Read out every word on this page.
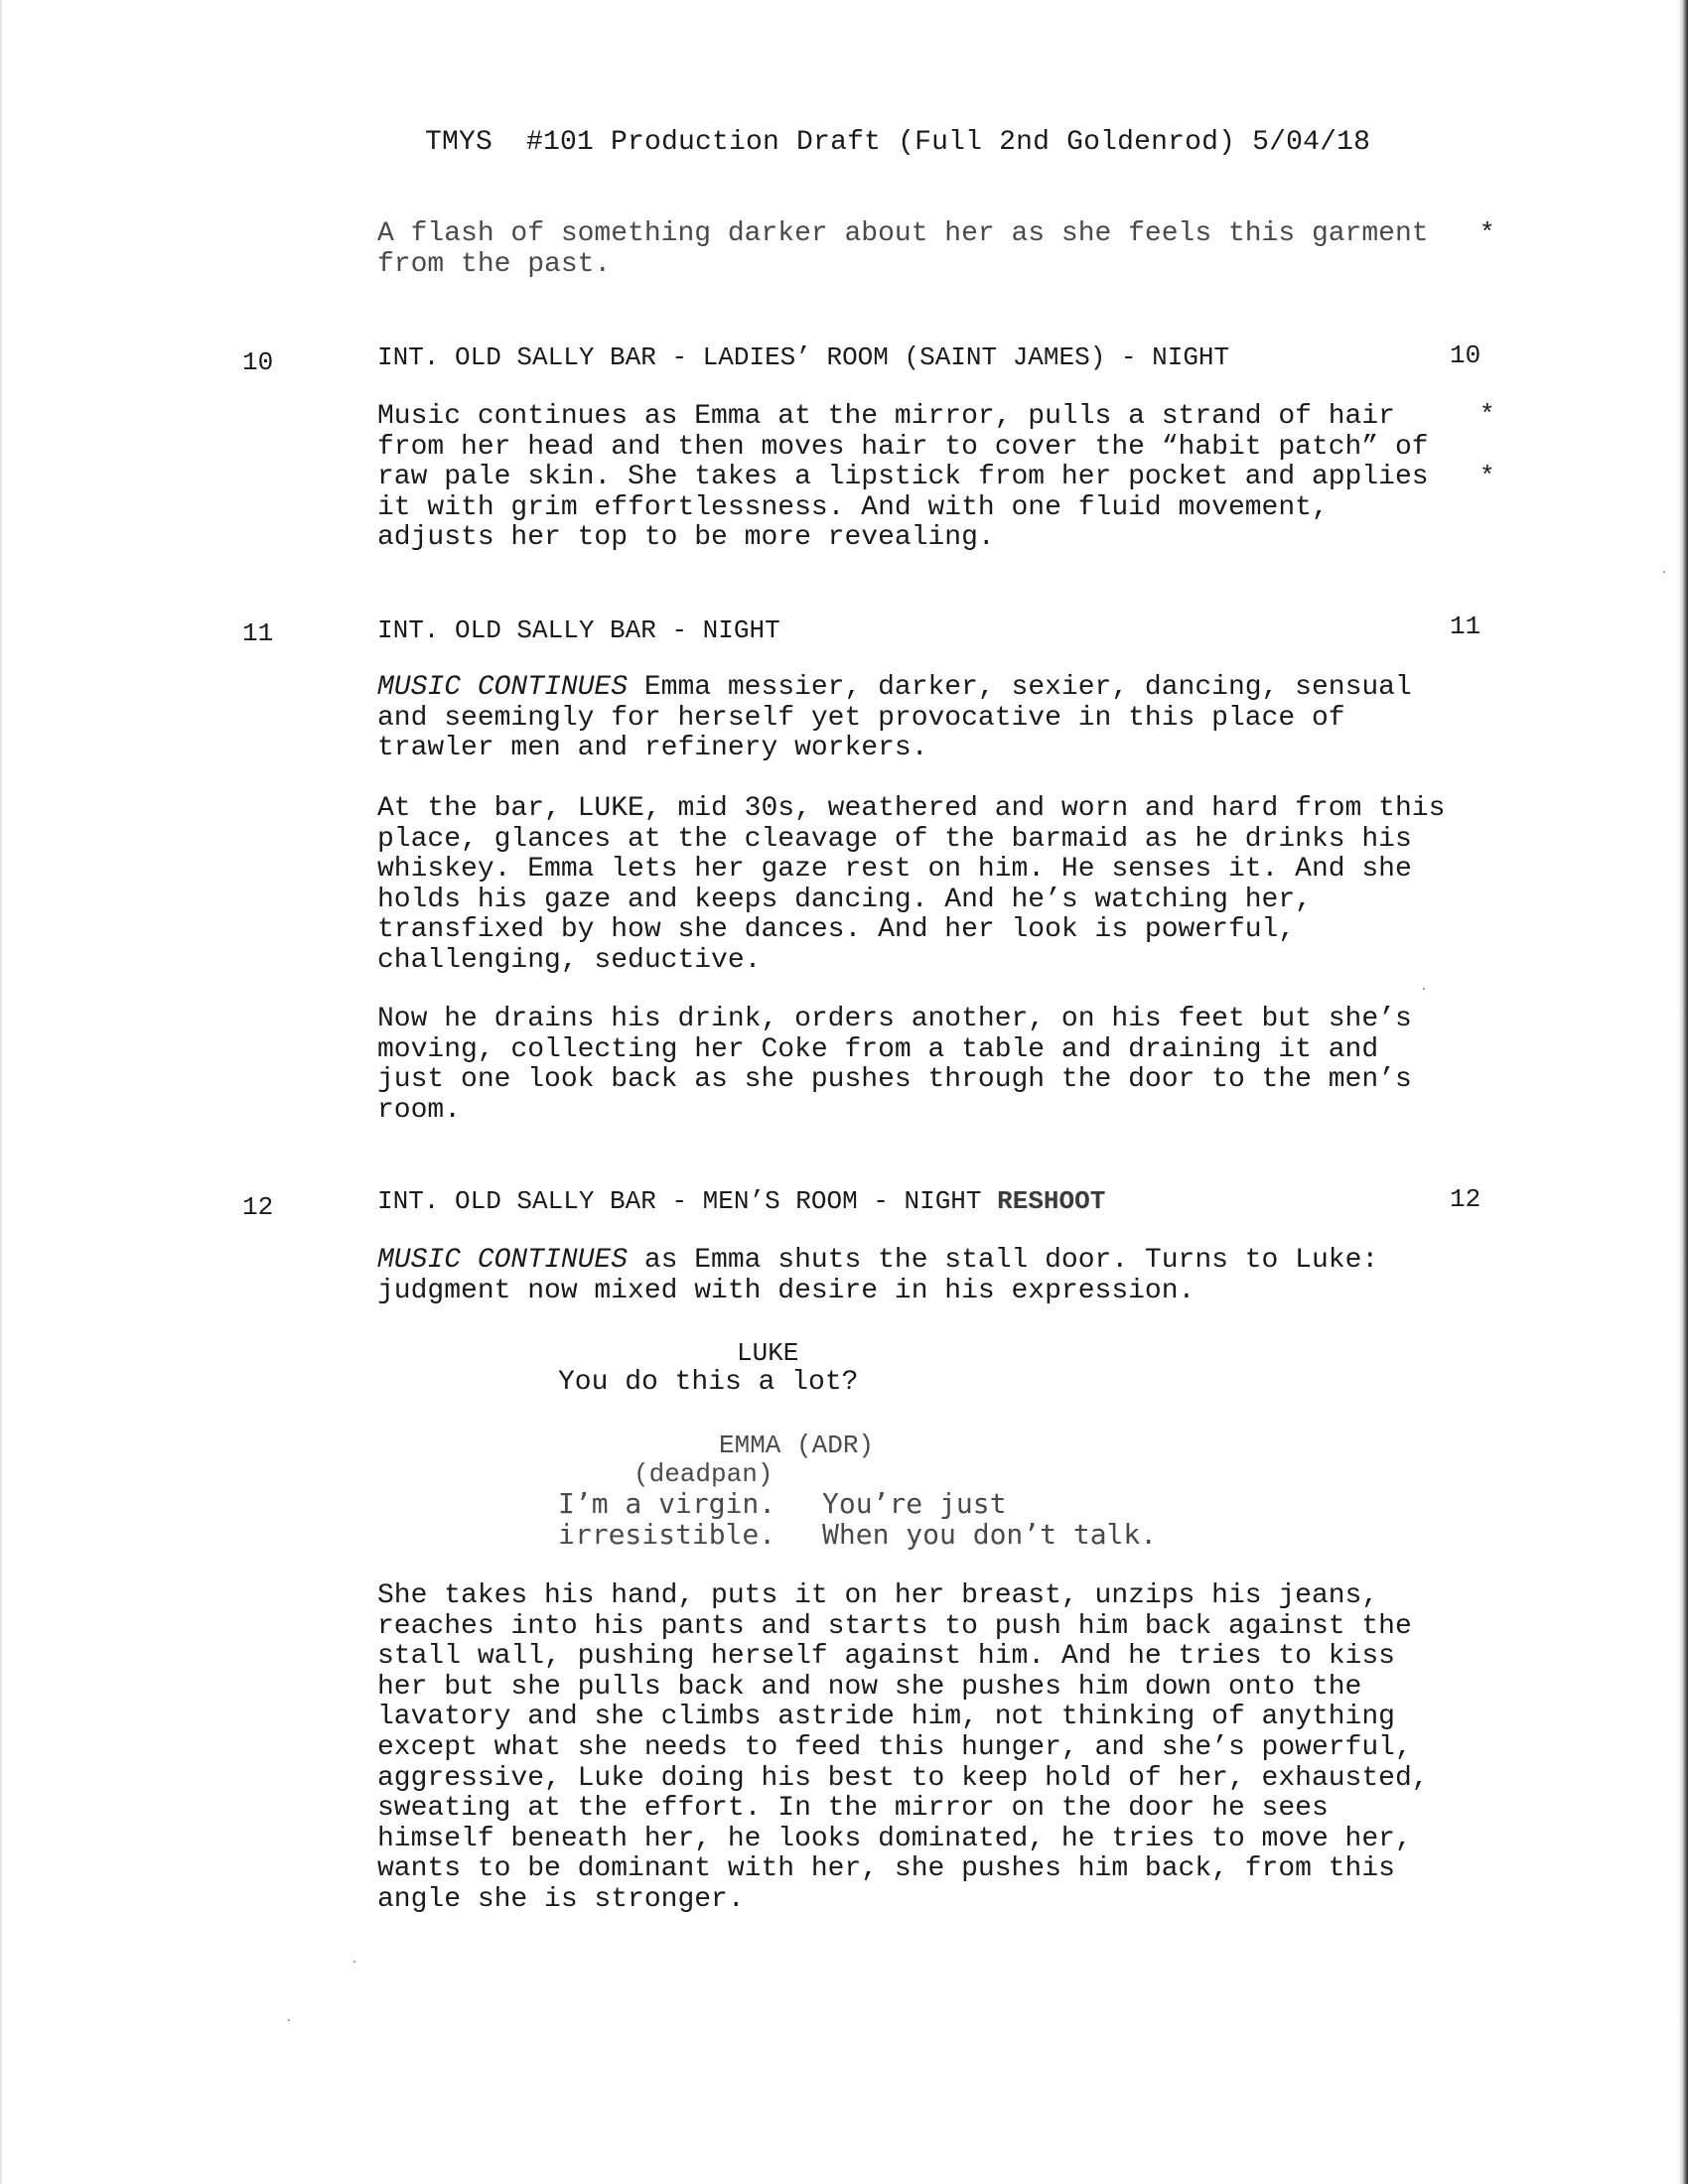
TMYS  #101 Production Draft (Full 2nd Goldenrod) 5/04/18

A flash of something darker about her as she feels this garment from the past.

*
10	INT. OLD SALLY BAR - LADIES’ ROOM (SAINT JAMES) - NIGHT	10

Music continues as Emma at the mirror, pulls a strand of hair from her head and then moves hair to cover the “habit patch” of raw pale skin. She takes a lipstick from her pocket and applies it with grim effortlessness. And with one fluid movement, adjusts her top to be more revealing.

*
*
11	INT. OLD SALLY BAR - NIGHT	11

MUSIC CONTINUES Emma messier, darker, sexier, dancing, sensual and seemingly for herself yet provocative in this place of trawler men and refinery workers.

At the bar, LUKE, mid 30s, weathered and worn and hard from this place, glances at the cleavage of the barmaid as he drinks his whiskey. Emma lets her gaze rest on him. He senses it. And she holds his gaze and keeps dancing. And he’s watching her, transfixed by how she dances. And her look is powerful, challenging, seductive.

Now he drains his drink, orders another, on his feet but she’s moving, collecting her Coke from a table and draining it and just one look back as she pushes through the door to the men’s room.

12	INT. OLD SALLY BAR - MEN’S ROOM - NIGHT RESHOOT	12

MUSIC CONTINUES as Emma shuts the stall door. Turns to Luke: judgment now mixed with desire in his expression.

LUKE
You do this a lot?
EMMA (ADR)
(deadpan)
I’m a virgin.
irresistible.
You’re just
When you don’t talk.

She takes his hand, puts it on her breast, unzips his jeans, reaches into his pants and starts to push him back against the stall wall, pushing herself against him. And he tries to kiss her but she pulls back and now she pushes him down onto the lavatory and she climbs astride him, not thinking of anything except what she needs to feed this hunger, and she’s powerful, aggressive, Luke doing his best to keep hold of her, exhausted, sweating at the effort. In the mirror on the door he sees himself beneath her, he looks dominated, he tries to move her, wants to be dominant with her, she pushes him back, from this angle she is stronger.
